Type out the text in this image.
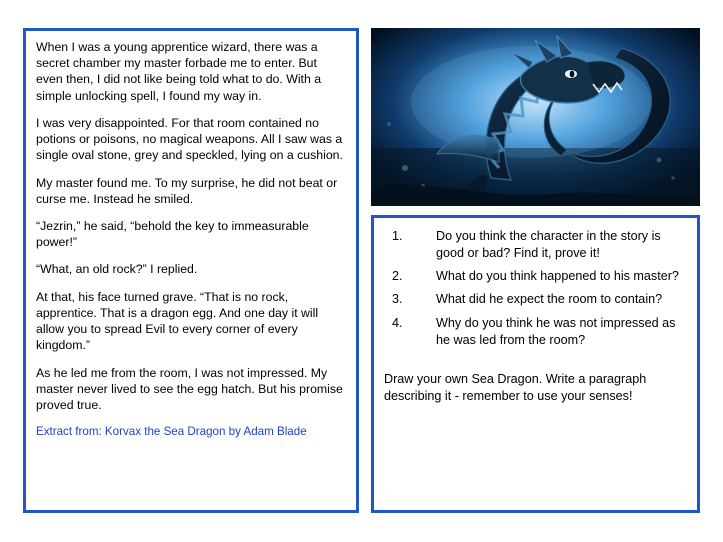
When I was a young apprentice wizard, there was a secret chamber my master forbade me to enter. But even then, I did not like being told what to do. With a simple unlocking spell, I found my way in.

I was very disappointed. For that room contained no potions or poisons, no magical weapons. All I saw was a single oval stone, grey and speckled, lying on a cushion.

My master found me. To my surprise, he did not beat or curse me. Instead he smiled.

“Jezrin,” he said, “behold the key to immeasurable power!”

“What, an old rock?” I replied.

At that, his face turned grave. “That is no rock, apprentice. That is a dragon egg. And one day it will allow you to spread Evil to every corner of every kingdom.”

As he led me from the room, I was not impressed. My master never lived to see the egg hatch. But his promise proved true.

Extract from: Korvax the Sea Dragon by Adam Blade
Do you think the character in the story is good or bad? Find it, prove it!
What do you think happened to his master?
What did he expect the room to contain?
Why do you think he was not impressed as he was led from the room?

Draw your own Sea Dragon. Write a paragraph describing it - remember to use your senses!
